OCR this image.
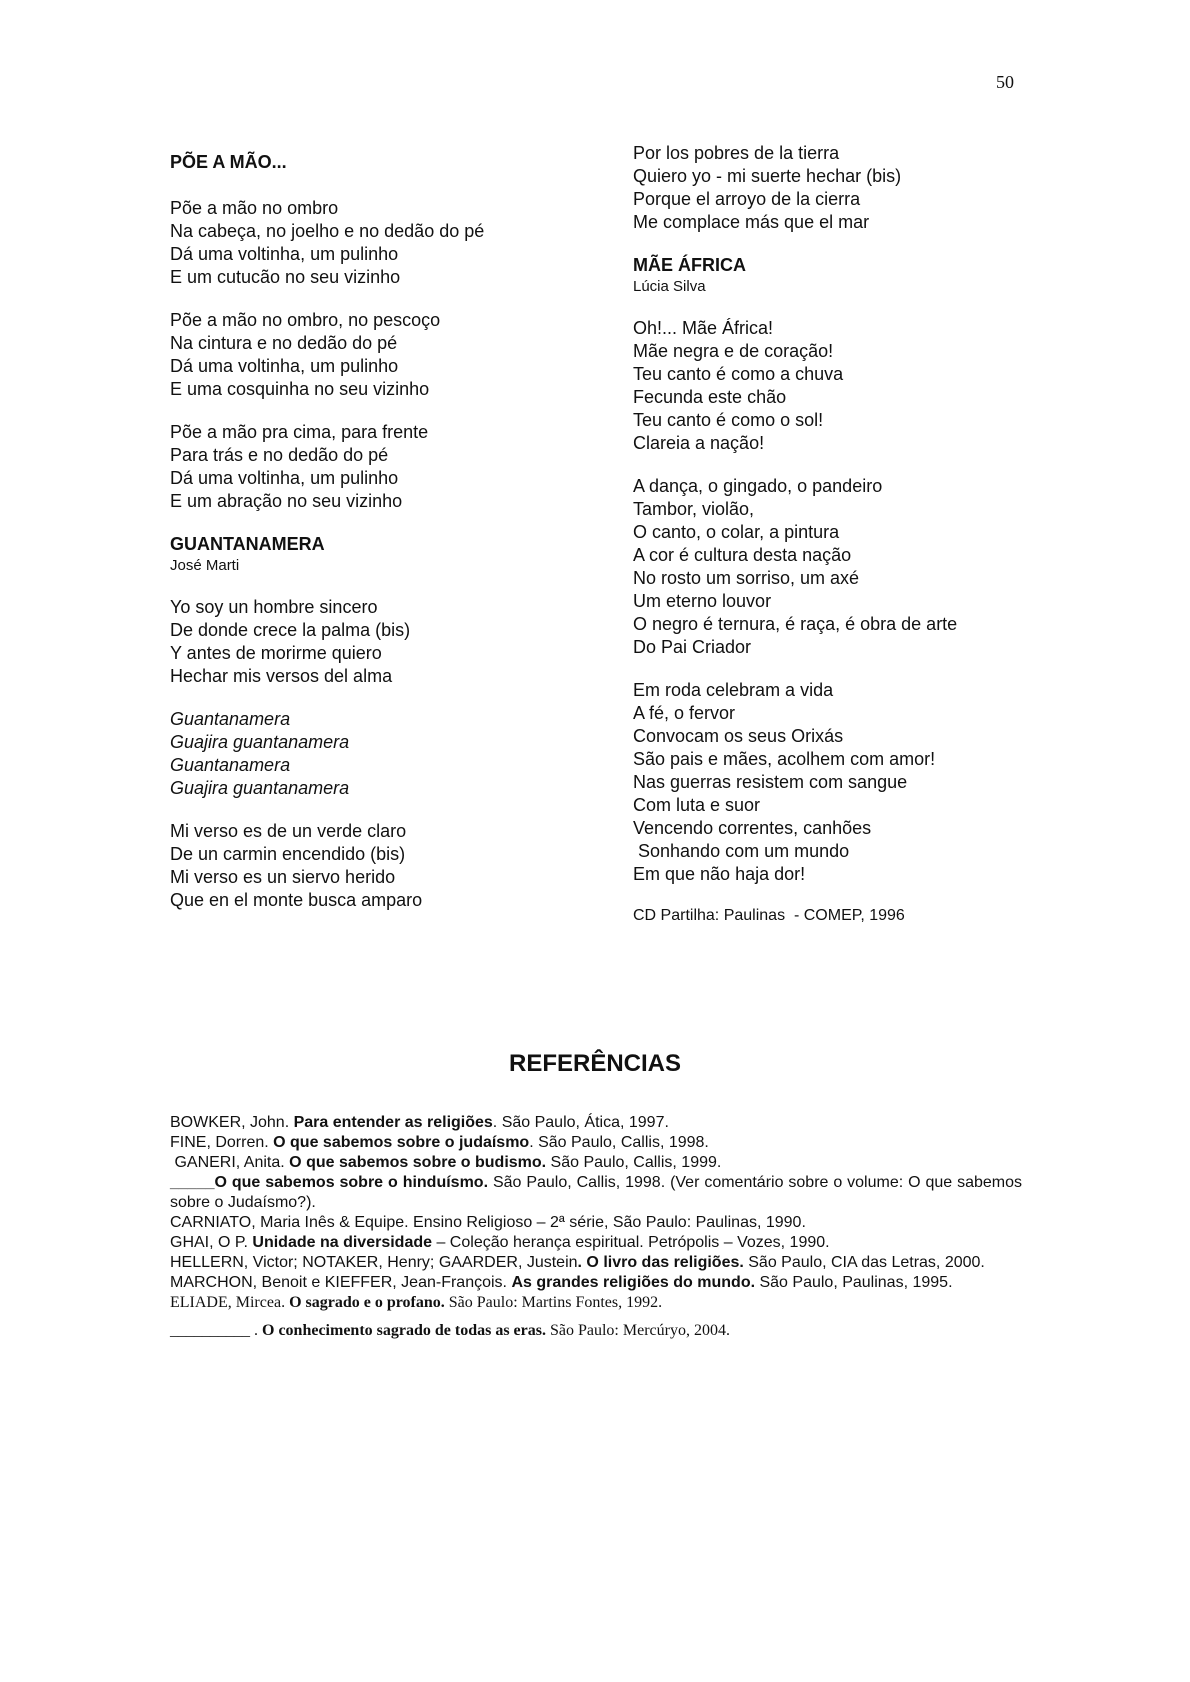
50

PÕE A MÃO...

Põe a mão no ombro
Na cabeça, no joelho e no dedão do pé
Dá uma voltinha, um pulinho
E um cutucão no seu vizinho
Põe a mão no ombro, no pescoço
Na cintura e no dedão do pé
Dá uma voltinha, um pulinho
E uma cosquinha no seu vizinho
Põe a mão pra cima, para frente
Para trás e no dedão do pé
Dá uma voltinha, um pulinho
E um abração no seu vizinho

GUANTANAMERA

José Marti

Yo soy un hombre sincero
De donde crece la palma (bis)
Y antes de morirme quiero
Hechar mis versos del alma
Guantanamera
Guajira guantanamera
Guantanamera
Guajira guantanamera
Mi verso es de un verde claro
De un carmin encendido (bis)
Mi verso es un siervo herido
Que en el monte busca amparo
Por los pobres de la tierra
Quiero yo - mi suerte hechar (bis)
Porque el arroyo de la cierra
Me complace más que el mar

MÃE ÁFRICA

Lúcia Silva

Oh!... Mãe África!
Mãe negra e de coração!
Teu canto é como a chuva
Fecunda este chão
Teu canto é como o sol!
Clareia a nação!
A dança, o gingado, o pandeiro
Tambor, violão,
O canto, o colar, a pintura
A cor é cultura desta nação
No rosto um sorriso, um axé
Um eterno louvor
O negro é ternura, é raça, é obra de arte
Do Pai Criador
Em roda celebram a vida
A fé, o fervor
Convocam os seus Orixás
São pais e mães, acolhem com amor!
Nas guerras resistem com sangue
Com luta e suor
Vencendo correntes, canhões
Sonhando com um mundo
Em que não haja dor!
CD Partilha: Paulinas  - COMEP, 1996
REFERÊNCIAS

BOWKER, John. Para entender as religiões. São Paulo, Ática, 1997.

FINE, Dorren. O que sabemos sobre o judaísmo. São Paulo, Callis, 1998.

GANERI, Anita. O que sabemos sobre o budismo. São Paulo, Callis, 1999.

_____O que sabemos sobre o hinduísmo. São Paulo, Callis, 1998. (Ver comentário sobre o volume: O que sabemos sobre o Judaísmo?).

CARNIATO, Maria Inês & Equipe. Ensino Religioso – 2ª série, São Paulo: Paulinas, 1990.

GHAI, O P. Unidade na diversidade – Coleção herança espiritual. Petrópolis – Vozes, 1990.

HELLERN, Victor; NOTAKER, Henry; GAARDER, Justein. O livro das religiões. São Paulo, CIA das Letras, 2000.

MARCHON, Benoit e KIEFFER, Jean-François. As grandes religiões do mundo. São Paulo, Paulinas, 1995.

ELIADE, Mircea. O sagrado e o profano. São Paulo: Martins Fontes, 1992.

__________ . O conhecimento sagrado de todas as eras. São Paulo: Mercúryo, 2004.
